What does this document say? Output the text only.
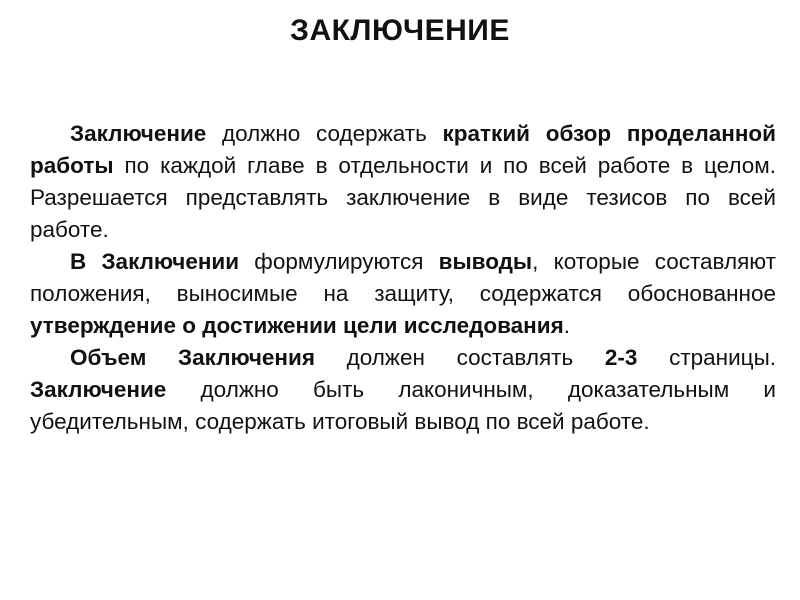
ЗАКЛЮЧЕНИЕ

Заключение должно содержать краткий обзор проделанной работы по каждой главе в отдельности и по всей работе в целом. Разрешается представлять заключение в виде тезисов по всей работе.

В Заключении формулируются выводы, которые составляют положения, выносимые на защиту, содержатся обоснованное утверждение о достижении цели исследования.

Объем Заключения должен составлять 2-3 страницы. Заключение должно быть лаконичным, доказательным и убедительным, содержать итоговый вывод по всей работе.
